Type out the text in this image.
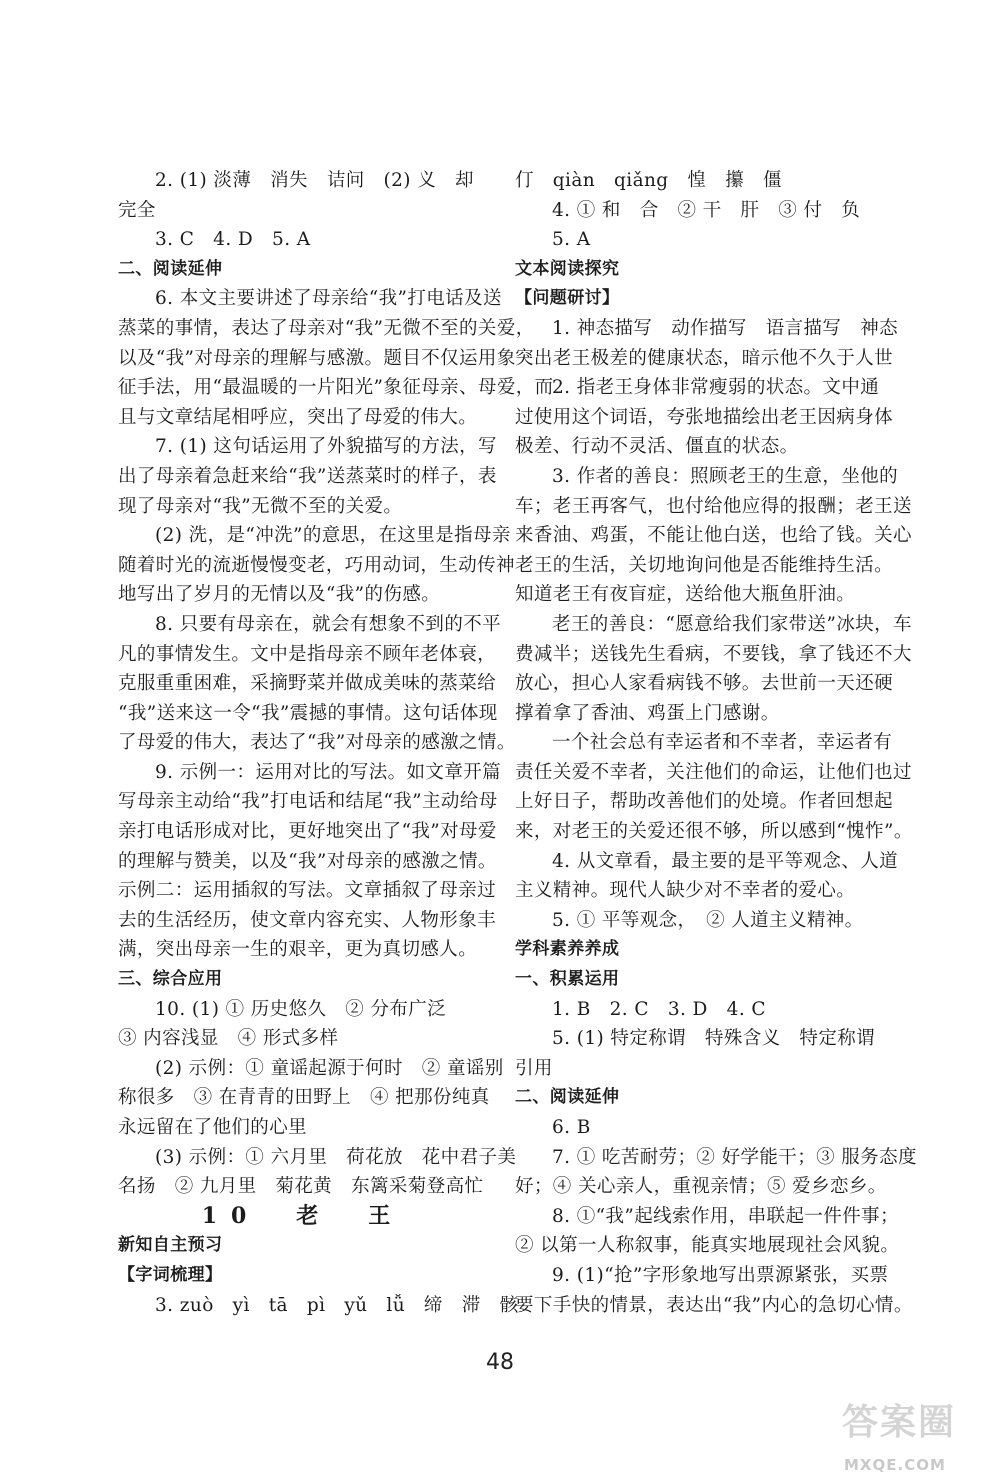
2. (1) 淡薄　消失　诘问　(2) 义　却
完全
3. C　4. D　5. A
二、阅读延伸
6. 本文主要讲述了母亲给“我”打电话及送
蒸菜的事情，表达了母亲对“我”无微不至的关爱，
以及“我”对母亲的理解与感激。题目不仅运用象
征手法，用“最温暖的一片阳光”象征母亲、母爱，而
且与文章结尾相呼应，突出了母爱的伟大。
7. (1) 这句话运用了外貌描写的方法，写
出了母亲着急赶来给“我”送蒸菜时的样子，表
现了母亲对“我”无微不至的关爱。
(2) 洗，是“冲洗”的意思，在这里是指母亲
随着时光的流逝慢慢变老，巧用动词，生动传神
地写出了岁月的无情以及“我”的伤感。
8. 只要有母亲在，就会有想象不到的不平
凡的事情发生。文中是指母亲不顾年老体衰，
克服重重困难，采摘野菜并做成美味的蒸菜给
“我”送来这一令“我”震撼的事情。这句话体现
了母爱的伟大，表达了“我”对母亲的感激之情。
9. 示例一：运用对比的写法。如文章开篇
写母亲主动给“我”打电话和结尾“我”主动给母
亲打电话形成对比，更好地突出了“我”对母爱
的理解与赞美，以及“我”对母亲的感激之情。
示例二：运用插叙的写法。文章插叙了母亲过
去的生活经历，使文章内容充实、人物形象丰
满，突出母亲一生的艰辛，更为真切感人。
三、综合应用
10. (1) ① 历史悠久　② 分布广泛
③ 内容浅显　④ 形式多样
(2) 示例：① 童谣起源于何时　② 童谣别
称很多　③ 在青青的田野上　④ 把那份纯真
永远留在了他们的心里
(3) 示例：① 六月里　荷花放　花中君子美
名扬　② 九月里　菊花黄　东篱采菊登高忙
10　老　王
新知自主预习
【字词梳理】
3. zuò　yì　tā　pì　yǔ　lǚ　缔　滞　骸
仃　qiàn　qiǎng　惶　攥　僵
4. ① 和　合　② 干　肝　③ 付　负
5. A
文本阅读探究
【问题研讨】
1. 神态描写　动作描写　语言描写　神态
突出老王极差的健康状态，暗示他不久于人世
2. 指老王身体非常瘦弱的状态。文中通
过使用这个词语，夸张地描绘出老王因病身体
极差、行动不灵活、僵直的状态。
3. 作者的善良：照顾老王的生意，坐他的
车；老王再客气，也付给他应得的报酬；老王送
来香油、鸡蛋，不能让他白送，也给了钱。关心
老王的生活，关切地询问他是否能维持生活。
知道老王有夜盲症，送给他大瓶鱼肝油。
老王的善良：“愿意给我们家带送”冰块，车
费减半；送钱先生看病，不要钱，拿了钱还不大
放心，担心人家看病钱不够。去世前一天还硬
撑着拿了香油、鸡蛋上门感谢。
一个社会总有幸运者和不幸者，幸运者有
责任关爱不幸者，关注他们的命运，让他们也过
上好日子，帮助改善他们的处境。作者回想起
来，对老王的关爱还很不够，所以感到“愧怍”。
4. 从文章看，最主要的是平等观念、人道
主义精神。现代人缺少对不幸者的爱心。
5. ① 平等观念，　② 人道主义精神。
学科素养养成
一、积累运用
1. B　2. C　3. D　4. C
5. (1) 特定称谓　特殊含义　特定称谓
引用
二、阅读延伸
6. B
7. ① 吃苦耐劳；② 好学能干；③ 服务态度
好；④ 关心亲人，重视亲情；⑤ 爱乡恋乡。
8. ①“我”起线索作用，串联起一件件事；
② 以第一人称叙事，能真实地展现社会风貌。
9. (1)“抢”字形象地写出票源紧张，买票
要下手快的情景，表达出“我”内心的急切心情。
48
答案圈
MXQE.COM
